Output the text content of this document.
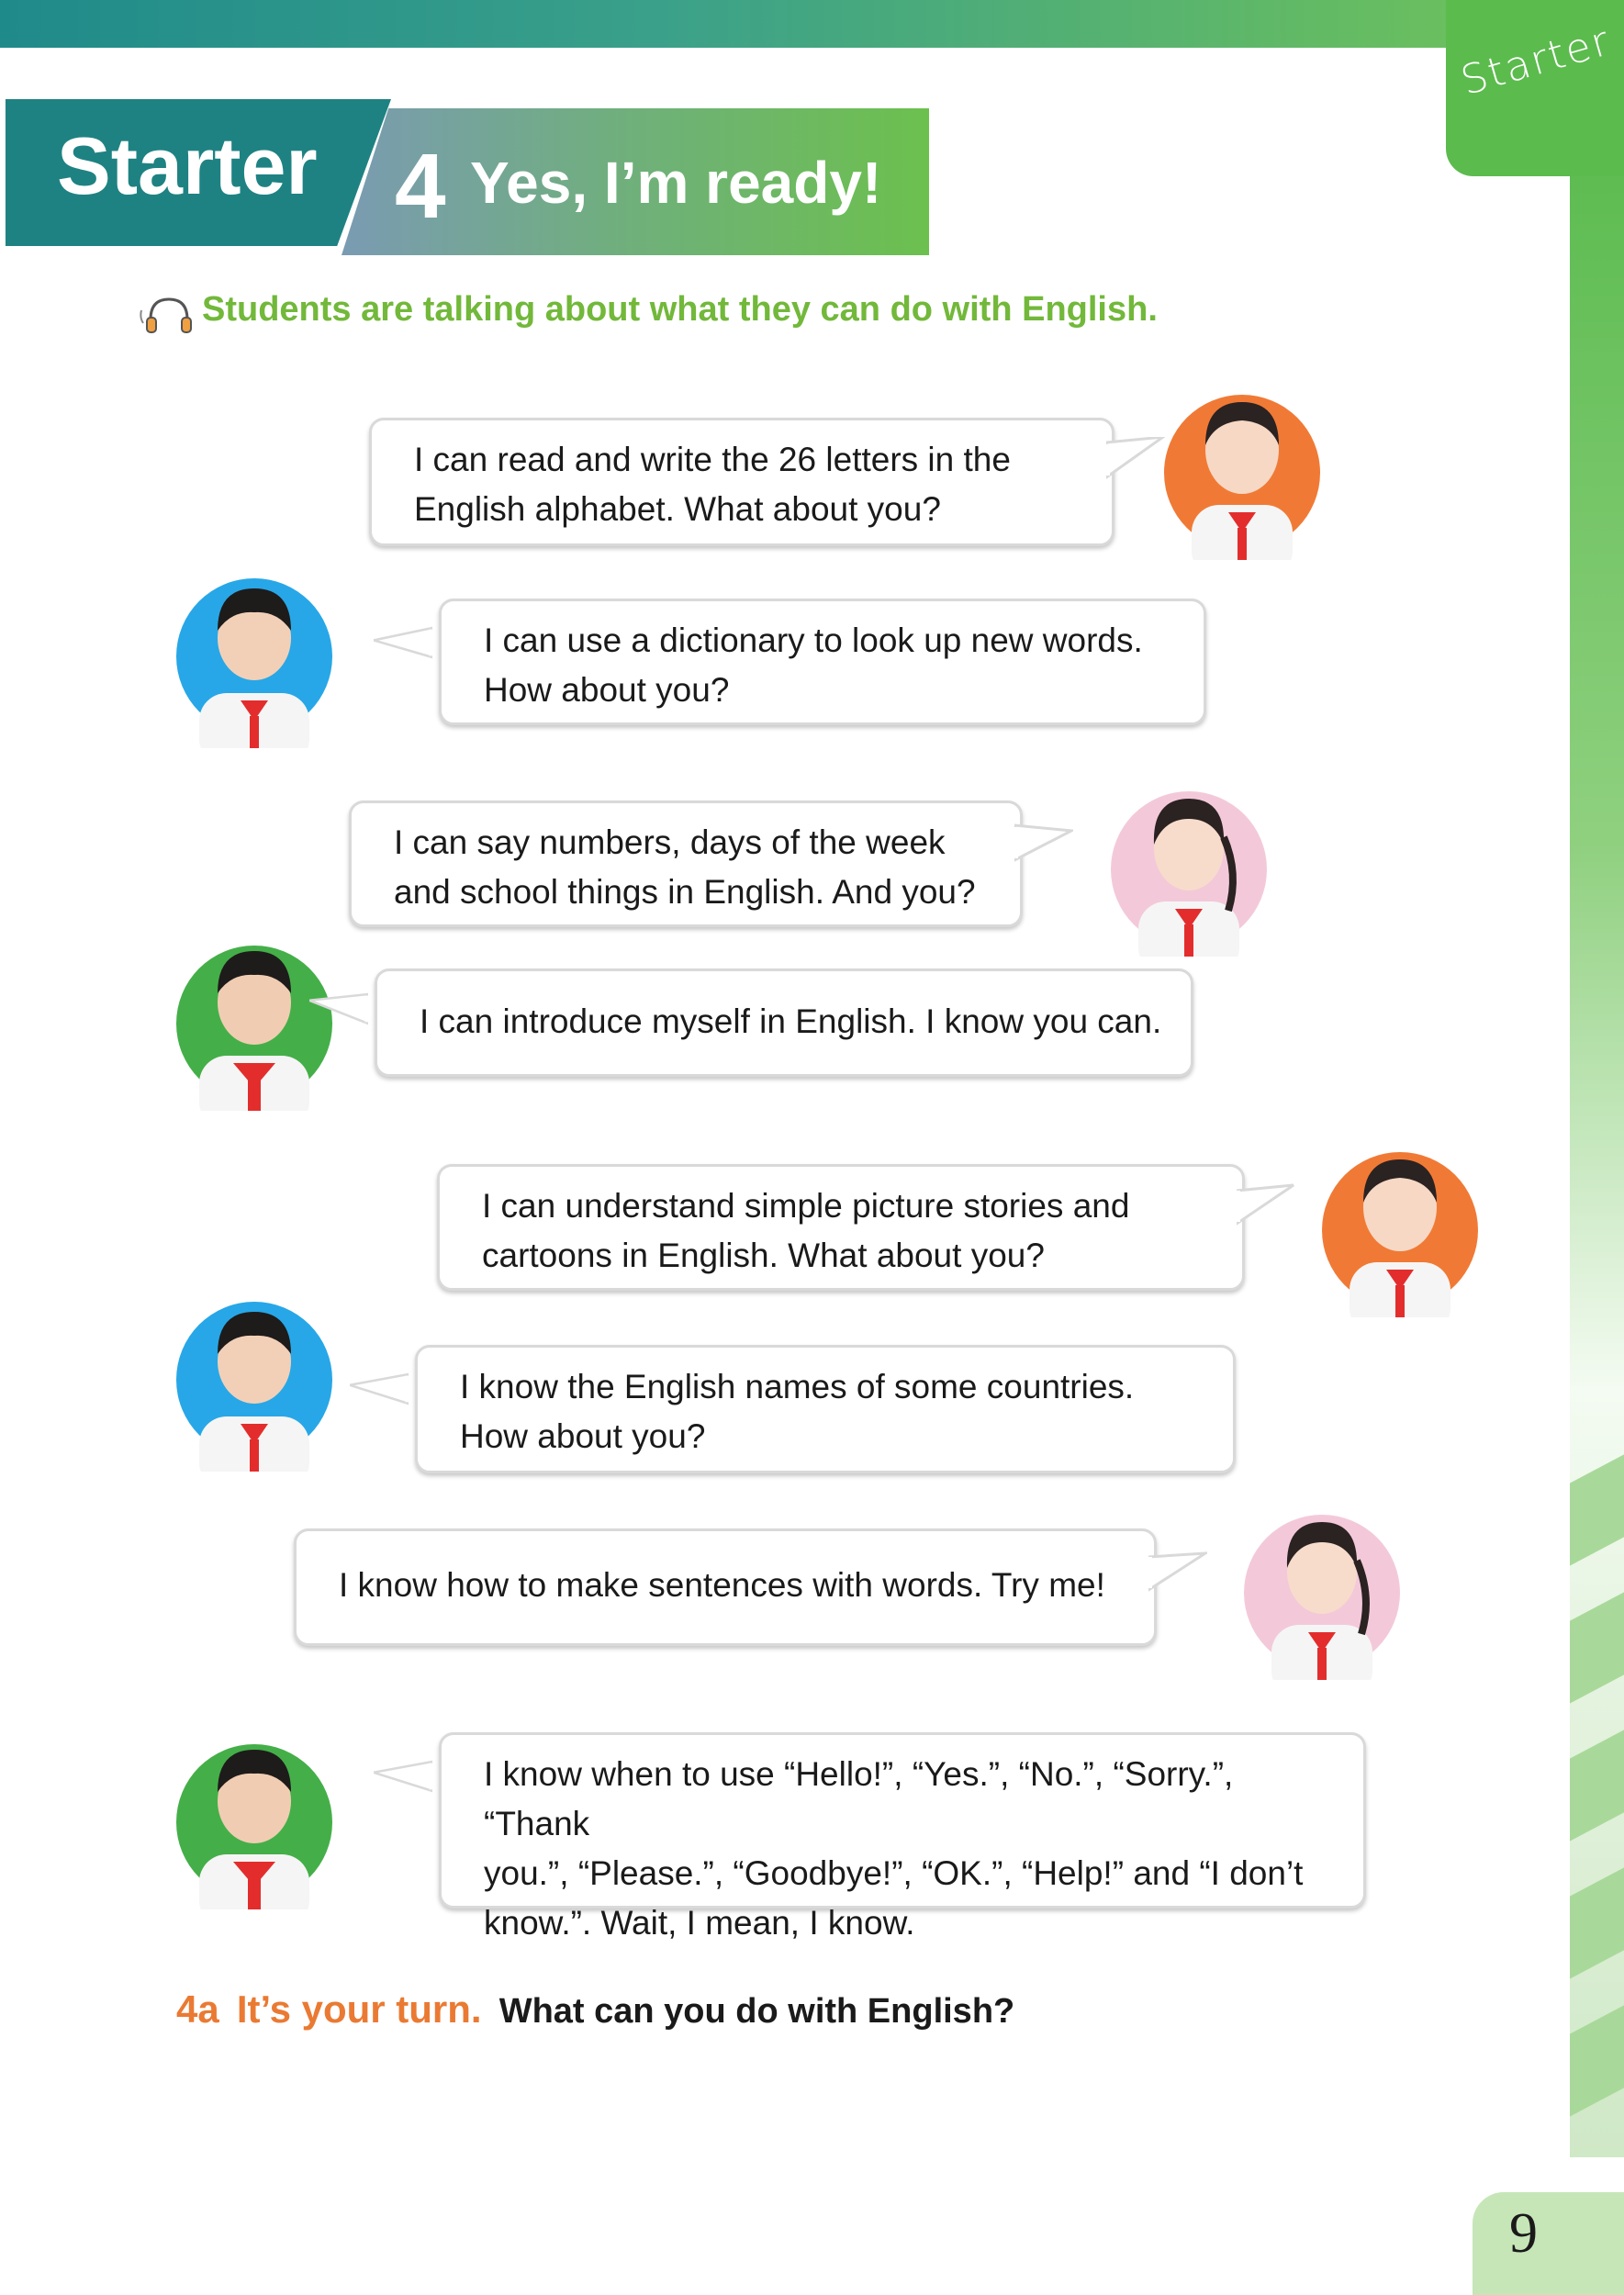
Starter
Starter 4 Yes, I’m ready!
Students are talking about what they can do with English.
I can read and write the 26 letters in the
English alphabet. What about you?
I can use a dictionary to look up new words.
How about you?
I can say numbers, days of the week
and school things in English. And you?
I can introduce myself in English. I know you can.
I can understand simple picture stories and
cartoons in English. What about you?
I know the English names of some countries.
How about you?
I know how to make sentences with words. Try me!
I know when to use “Hello!”, “Yes.”, “No.”, “Sorry.”, “Thank
you.”, “Please.”, “Goodbye!”, “OK.”, “Help!” and “I don’t
know.”. Wait, I mean, I know.
4a It’s your turn. What can you do with English?
9
